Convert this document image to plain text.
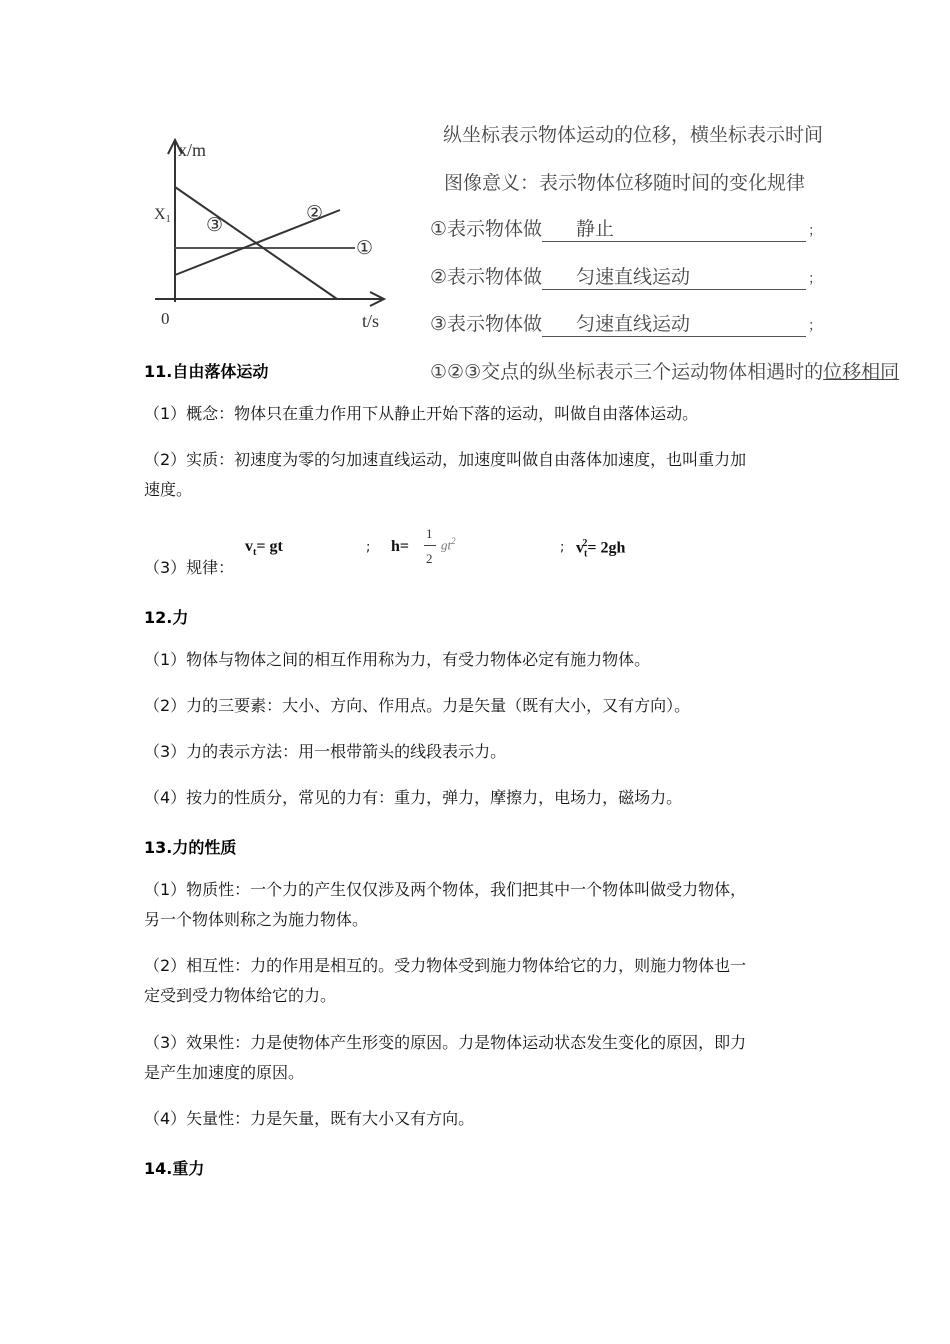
x/m
t/s
0
X1
①
②
③
纵坐标表示物体运动的位移，横坐标表示时间
图像意义：表示物体位移随时间的变化规律
①表示物体做 静止	；
②表示物体做 匀速直线运动	；
③表示物体做 匀速直线运动	；
①②③交点的纵坐标表示三个运动物体相遇时的位移相同
11.自由落体运动
（1）概念：物体只在重力作用下从静止开始下落的运动，叫做自由落体运动。
（2）实质：初速度为零的匀加速直线运动，加速度叫做自由落体加速度，也叫重力加
速度。
（3）规律：
$v_t=$ gt	; h=
1
2
$gt^2$	; $v_t^2= 2gh$
12.力
（1）物体与物体之间的相互作用称为力，有受力物体必定有施力物体。
（2）力的三要素：大小、方向、作用点。力是矢量（既有大小，又有方向）。
（3）力的表示方法：用一根带箭头的线段表示力。
（4）按力的性质分，常见的力有：重力，弹力，摩擦力，电场力，磁场力。
13.力的性质
（1）物质性：一个力的产生仅仅涉及两个物体，我们把其中一个物体叫做受力物体，
另一个物体则称之为施力物体。
（2）相互性：力的作用是相互的。受力物体受到施力物体给它的力，则施力物体也一
定受到受力物体给它的力。
（3）效果性：力是使物体产生形变的原因。力是物体运动状态发生变化的原因，即力
是产生加速度的原因。
（4）矢量性：力是矢量，既有大小又有方向。
14.重力
